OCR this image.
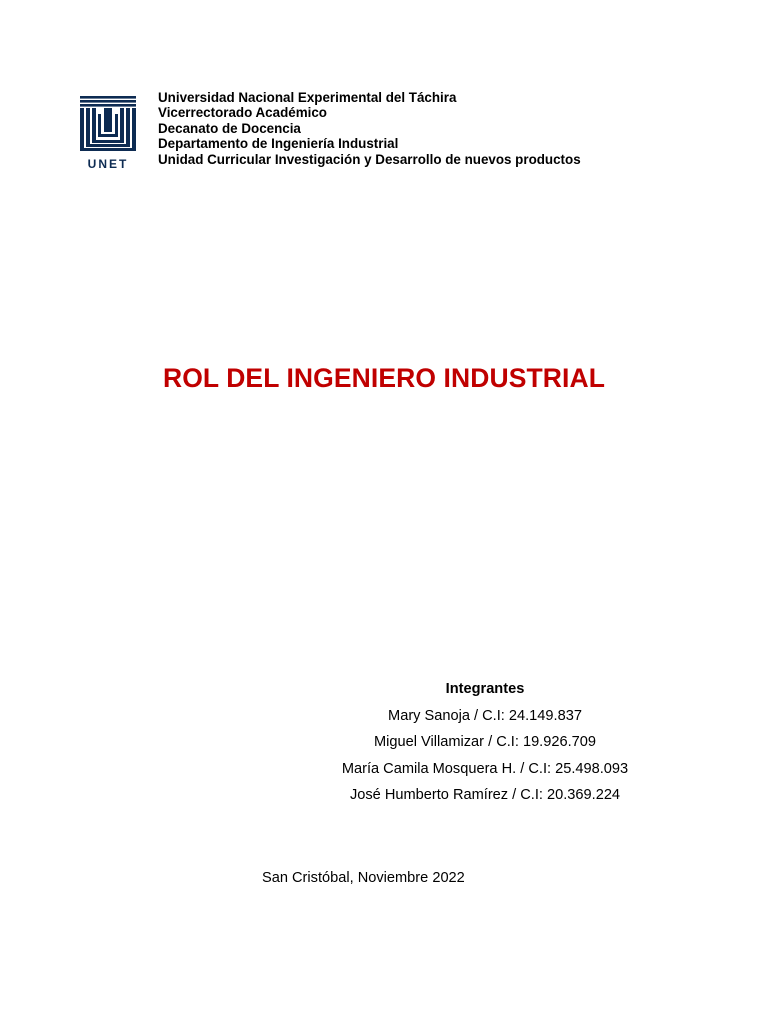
UNET
Universidad Nacional Experimental del Táchira
Vicerrectorado Académico
Decanato de Docencia
Departamento de Ingeniería Industrial
Unidad Curricular Investigación y Desarrollo de nuevos productos
ROL DEL INGENIERO INDUSTRIAL
Integrantes
Mary Sanoja / C.I: 24.149.837
Miguel Villamizar / C.I: 19.926.709
María Camila Mosquera H. / C.I: 25.498.093
José Humberto Ramírez / C.I: 20.369.224
San Cristóbal, Noviembre 2022
